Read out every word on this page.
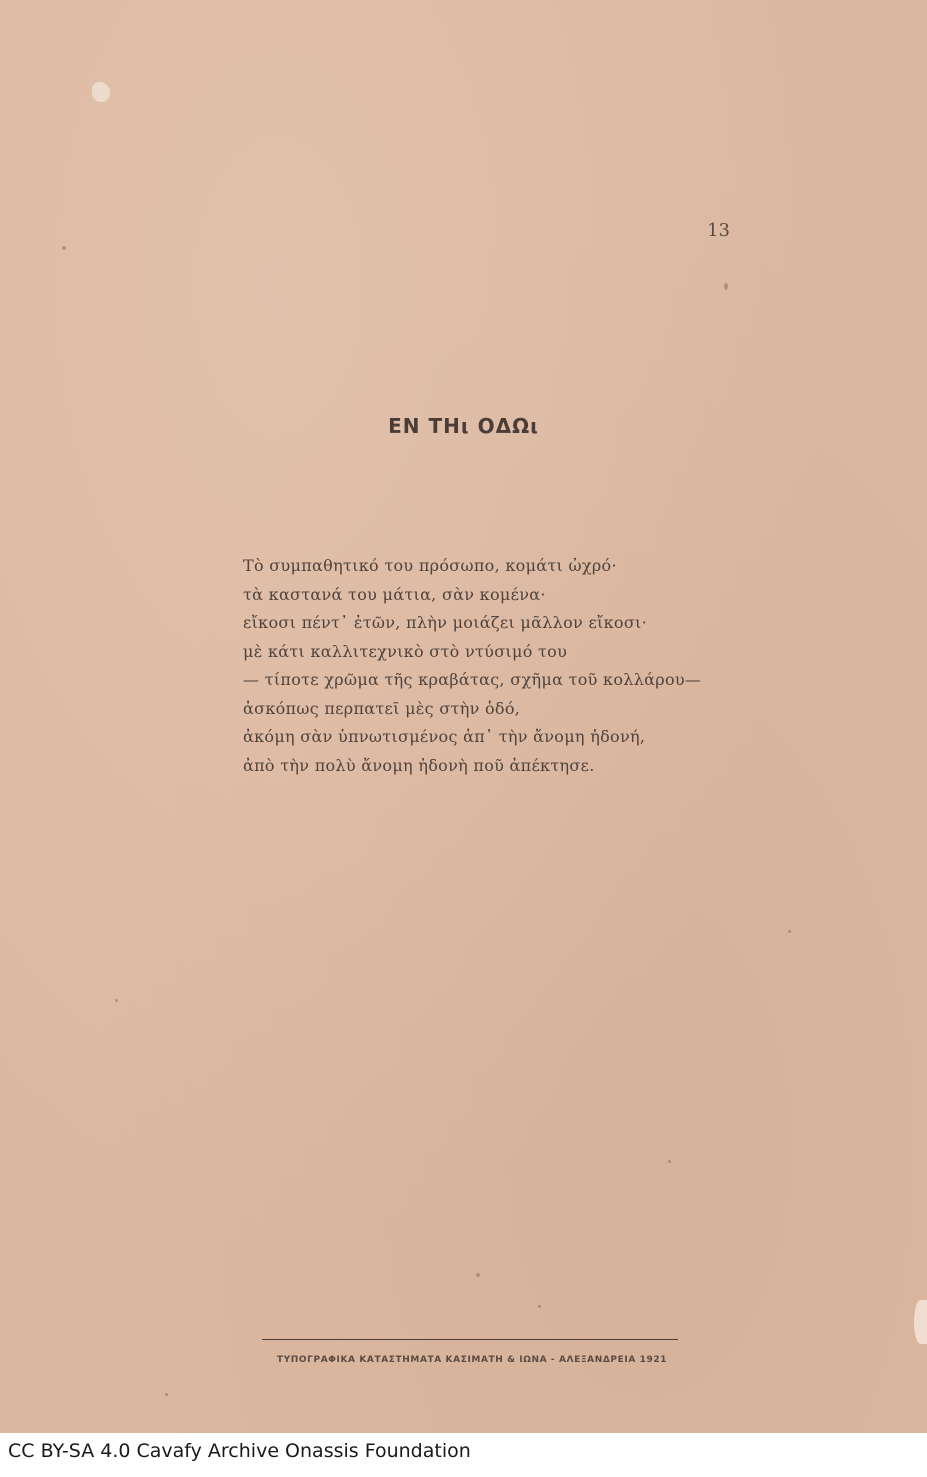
13
ΕΝ ΤΗι ΟΔΩι
Τὸ συμπαθητικό του πρόσωπο, κομάτι ὠχρό·
τὰ καστανά του μάτια, σὰν κομένα·
εἴκοσι πέντ᾽ ἐτῶν, πλὴν μοιάζει μᾶλλον εἴκοσι·
μὲ κάτι καλλιτεχνικὸ στὸ ντύσιμό του
— τίποτε χρῶμα τῆς κραβάτας, σχῆμα τοῦ κολλάρου—
ἀσκόπως περπατεῖ μὲς στὴν ὁδό,
ἀκόμη σὰν ὑπνωτισμένος ἀπ᾽ τὴν ἄνομη ἡδονή,
ἀπὸ τὴν πολὺ ἄνομη ἡδονὴ ποῦ ἀπέκτησε.
ΤΥΠΟΓΡΑΦΙΚΑ ΚΑΤΑΣΤΗΜΑΤΑ ΚΑΣΙΜΑΤΗ & ΙΩΝΑ - ΑΛΕΞΑΝΔΡΕΙΑ 1921
CC BY-SA 4.0 Cavafy Archive Onassis Foundation
